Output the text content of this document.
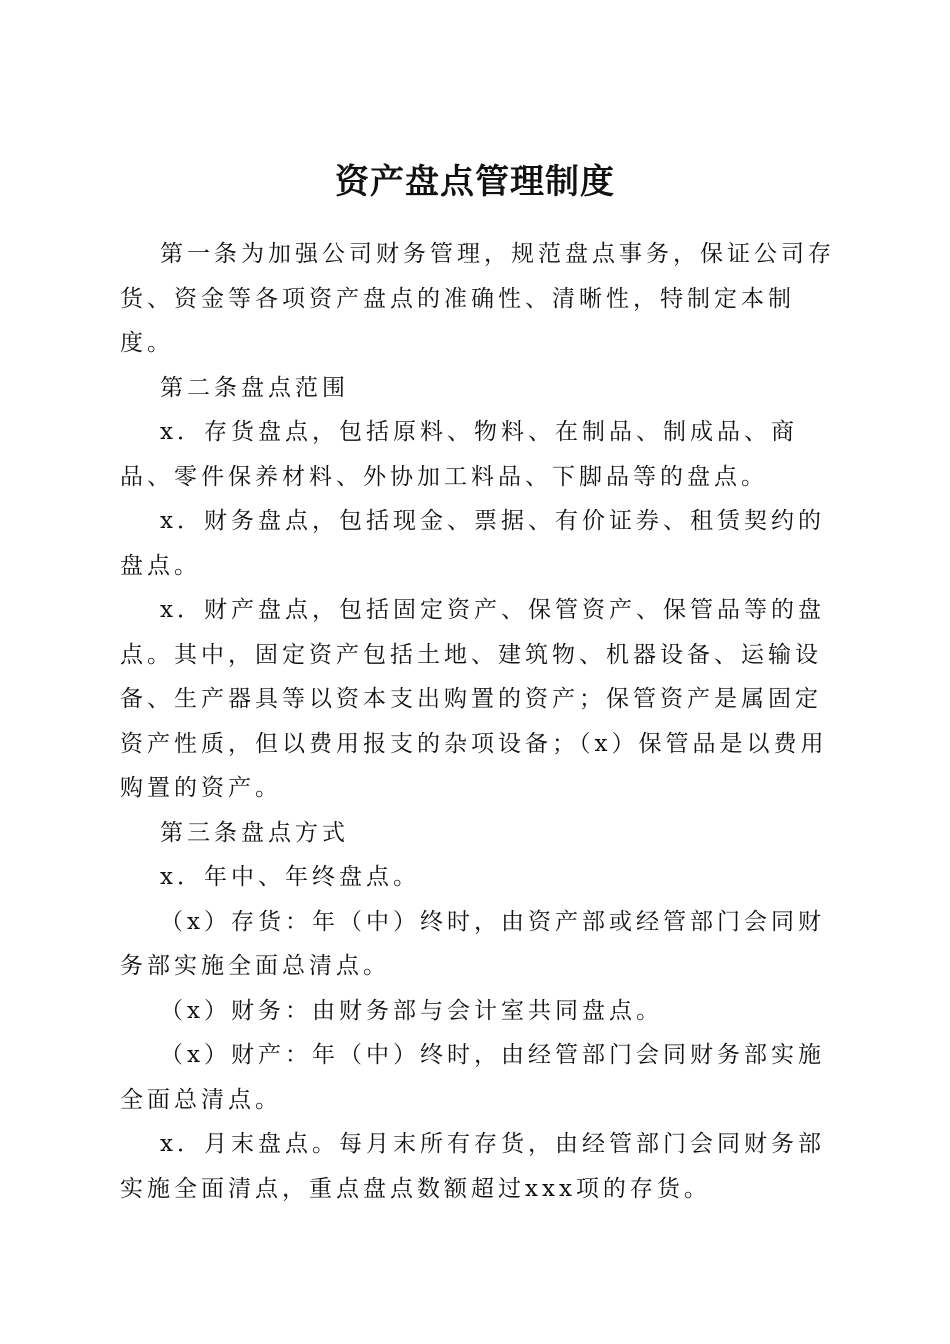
资产盘点管理制度

第一条为加强公司财务管理，规范盘点事务，保证公司存货、资金等各项资产盘点的准确性、清晰性，特制定本制度。

第二条盘点范围

x．存货盘点，包括原料、物料、在制品、制成品、商品、零件保养材料、外协加工料品、下脚品等的盘点。

x．财务盘点，包括现金、票据、有价证券、租赁契约的盘点。

x．财产盘点，包括固定资产、保管资产、保管品等的盘点。其中，固定资产包括土地、建筑物、机器设备、运输设备、生产器具等以资本支出购置的资产；保管资产是属固定资产性质，但以费用报支的杂项设备；（x）保管品是以费用购置的资产。

第三条盘点方式

x．年中、年终盘点。

（x）存货：年（中）终时，由资产部或经管部门会同财务部实施全面总清点。

（x）财务：由财务部与会计室共同盘点。

（x）财产：年（中）终时，由经管部门会同财务部实施全面总清点。

x．月末盘点。每月末所有存货，由经管部门会同财务部实施全面清点，重点盘点数额超过xxx项的存货。
